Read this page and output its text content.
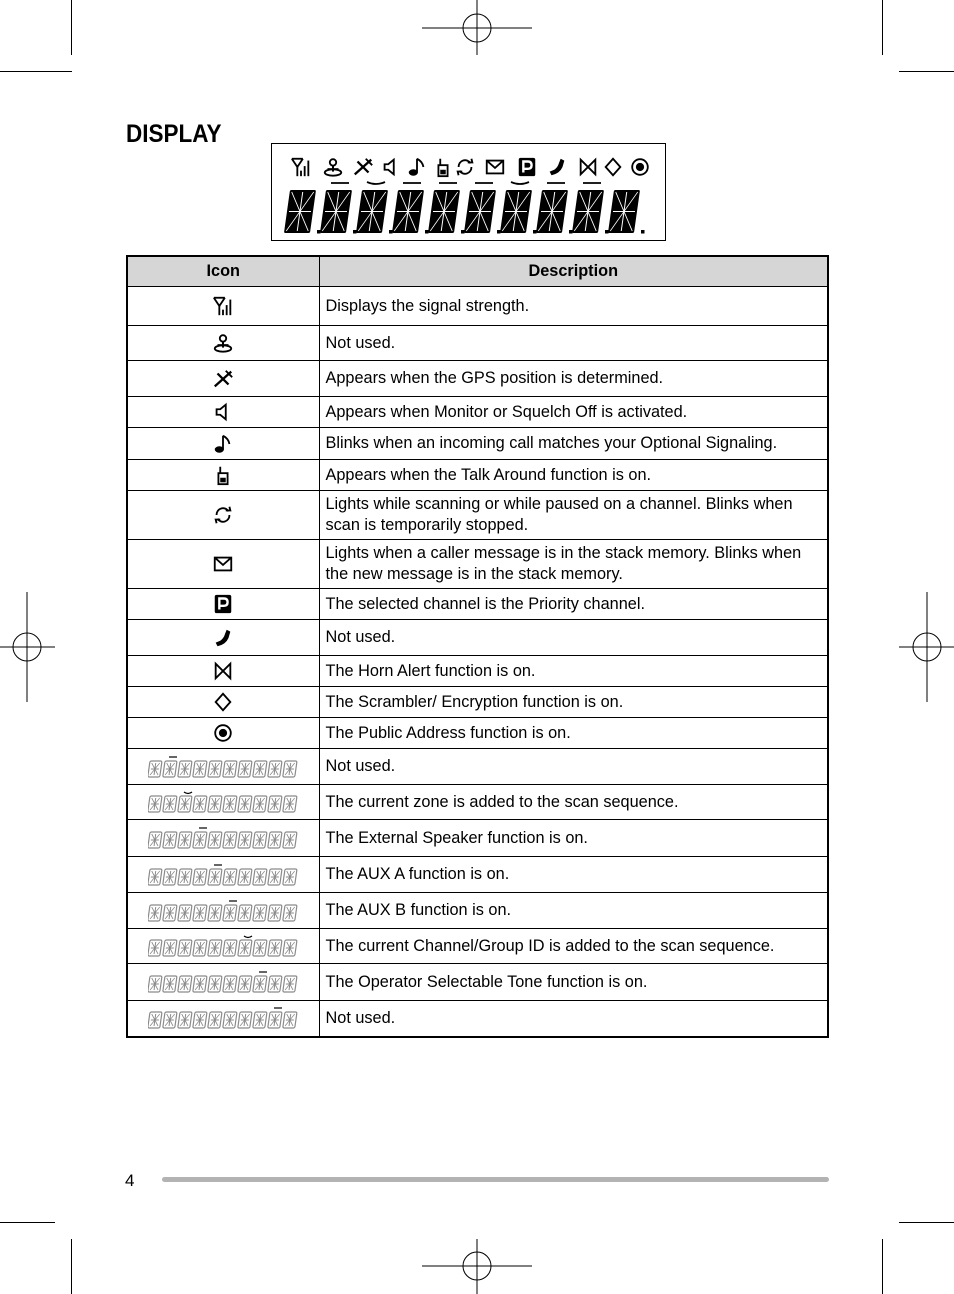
DISPLAY
Icon	Description
	Displays the signal strength.
	Not used.
	Appears when the GPS position is determined.
	Appears when Monitor or Squelch Off is activated.
	Blinks when an incoming call matches your Optional Signaling.
	Appears when the Talk Around function is on.
	Lights while scanning or while paused on a channel. Blinks when scan is temporarily stopped.
	Lights when a caller message is in the stack memory. Blinks when the new message is in the stack memory.
	The selected channel is the Priority channel.
	Not used.
	The Horn Alert function is on.
	The Scrambler/ Encryption function is on.
	The Public Address function is on.
	Not used.
	The current zone is added to the scan sequence.
	The External Speaker function is on.
	The AUX A function is on.
	The AUX B function is on.
	The current Channel/Group ID is added to the scan sequence.
	The Operator Selectable Tone function is on.
	Not used.
4
